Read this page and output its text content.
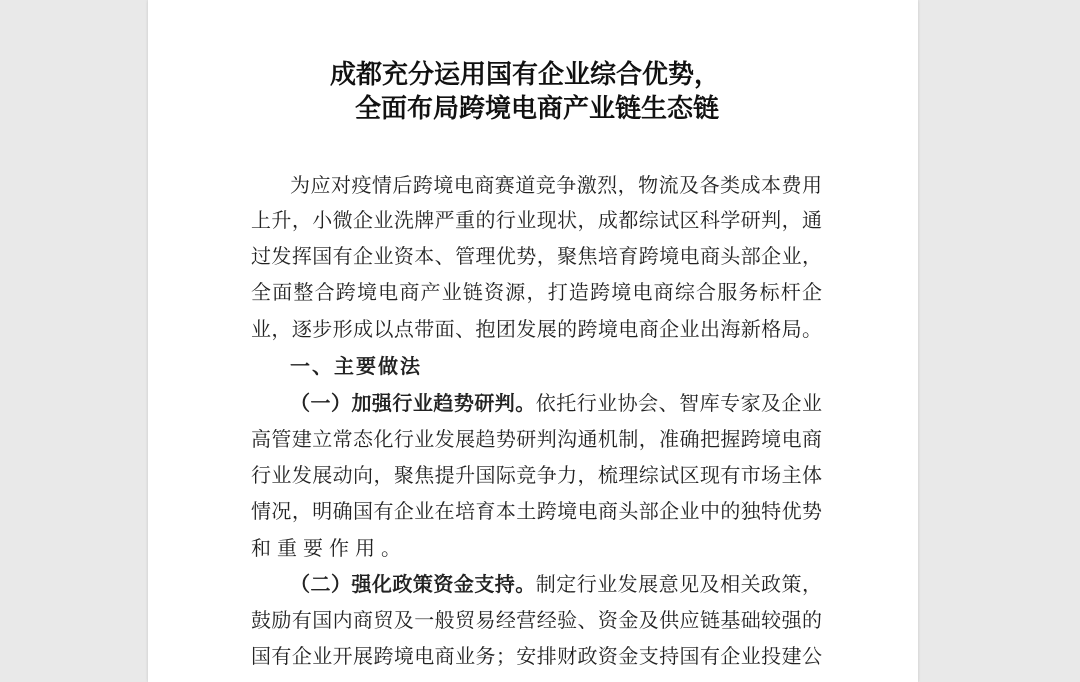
成都充分运用国有企业综合优势，
全面布局跨境电商产业链生态链
为应对疫情后跨境电商赛道竞争激烈，物流及各类成本费用
上升，小微企业洗牌严重的行业现状，成都综试区科学研判，通
过发挥国有企业资本、管理优势，聚焦培育跨境电商头部企业，
全面整合跨境电商产业链资源，打造跨境电商综合服务标杆企
业，逐步形成以点带面、抱团发展的跨境电商企业出海新格局。
一、主要做法
（一）加强行业趋势研判。依托行业协会、智库专家及企业
高管建立常态化行业发展趋势研判沟通机制，准确把握跨境电商
行业发展动向，聚焦提升国际竞争力，梳理综试区现有市场主体
情况，明确国有企业在培育本土跨境电商头部企业中的独特优势
和重要作用。
（二）强化政策资金支持。制定行业发展意见及相关政策，
鼓励有国内商贸及一般贸易经营经验、资金及供应链基础较强的
国有企业开展跨境电商业务；安排财政资金支持国有企业投建公
